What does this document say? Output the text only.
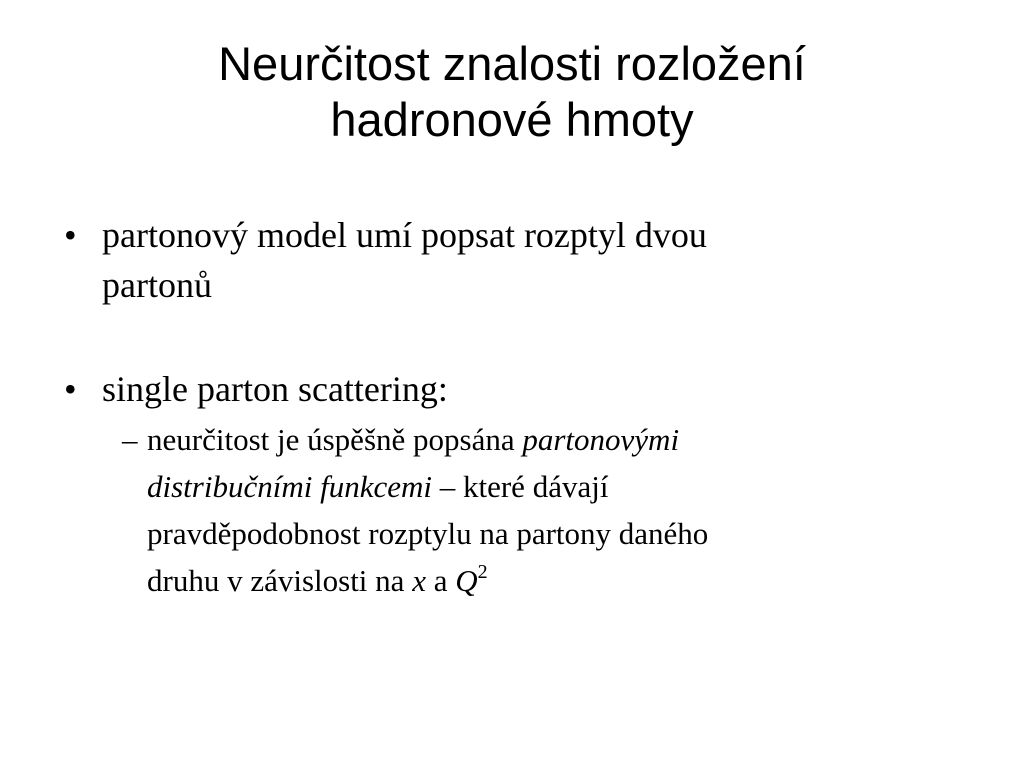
Neurčitost znalosti rozložení
hadronové hmoty
• partonový model umí popsat rozptyl dvou
partonů
• single parton scattering:
– neurčitost je úspěšně popsána partonovými
distribučními funkcemi – které dávají
pravděpodobnost rozptylu na partony daného
druhu v závislosti na x a $Q^2$
